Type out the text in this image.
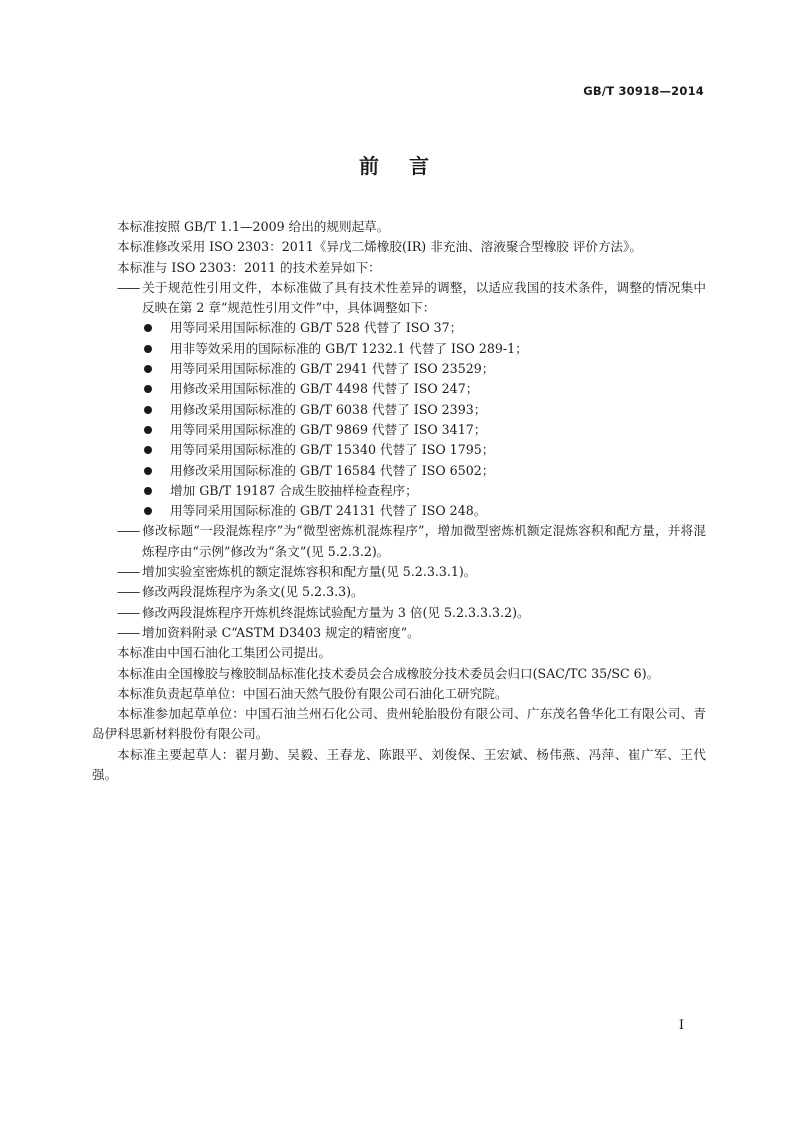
GB/T 30918—2014
前言

本标准按照 GB/T 1.1—2009 给出的规则起草。

本标准修改采用 ISO 2303：2011《异戊二烯橡胶(IR) 非充油、溶液聚合型橡胶 评价方法》。

本标准与 ISO 2303：2011 的技术差异如下：

—— 关于规范性引用文件，本标准做了具有技术性差异的调整，以适应我国的技术条件，调整的情况集中反映在第 2 章“规范性引用文件”中，具体调整如下：

用等同采用国际标准的 GB/T 528 代替了 ISO 37；

用非等效采用的国际标准的 GB/T 1232.1 代替了 ISO 289-1；

用等同采用国际标准的 GB/T 2941 代替了 ISO 23529；

用修改采用国际标准的 GB/T 4498 代替了 ISO 247；

用修改采用国际标准的 GB/T 6038 代替了 ISO 2393；

用等同采用国际标准的 GB/T 9869 代替了 ISO 3417；

用等同采用国际标准的 GB/T 15340 代替了 ISO 1795；

用修改采用国际标准的 GB/T 16584 代替了 ISO 6502；

增加 GB/T 19187 合成生胶抽样检查程序；

用等同采用国际标准的 GB/T 24131 代替了 ISO 248。

—— 修改标题“一段混炼程序”为“微型密炼机混炼程序”，增加微型密炼机额定混炼容积和配方量，并将混炼程序由“示例”修改为“条文”(见 5.2.3.2)。

—— 增加实验室密炼机的额定混炼容积和配方量(见 5.2.3.3.1)。

—— 修改两段混炼程序为条文(见 5.2.3.3)。

—— 修改两段混炼程序开炼机终混炼试验配方量为 3 倍(见 5.2.3.3.3.2)。

—— 增加资料附录 C“ASTM D3403 规定的精密度”。

本标准由中国石油化工集团公司提出。

本标准由全国橡胶与橡胶制品标准化技术委员会合成橡胶分技术委员会归口(SAC/TC 35/SC 6)。

本标准负责起草单位：中国石油天然气股份有限公司石油化工研究院。

本标准参加起草单位：中国石油兰州石化公司、贵州轮胎股份有限公司、广东茂名鲁华化工有限公司、青岛伊科思新材料股份有限公司。

本标准主要起草人：翟月勤、吴毅、王春龙、陈跟平、刘俊保、王宏斌、杨伟燕、冯萍、崔广军、王代强。

I
